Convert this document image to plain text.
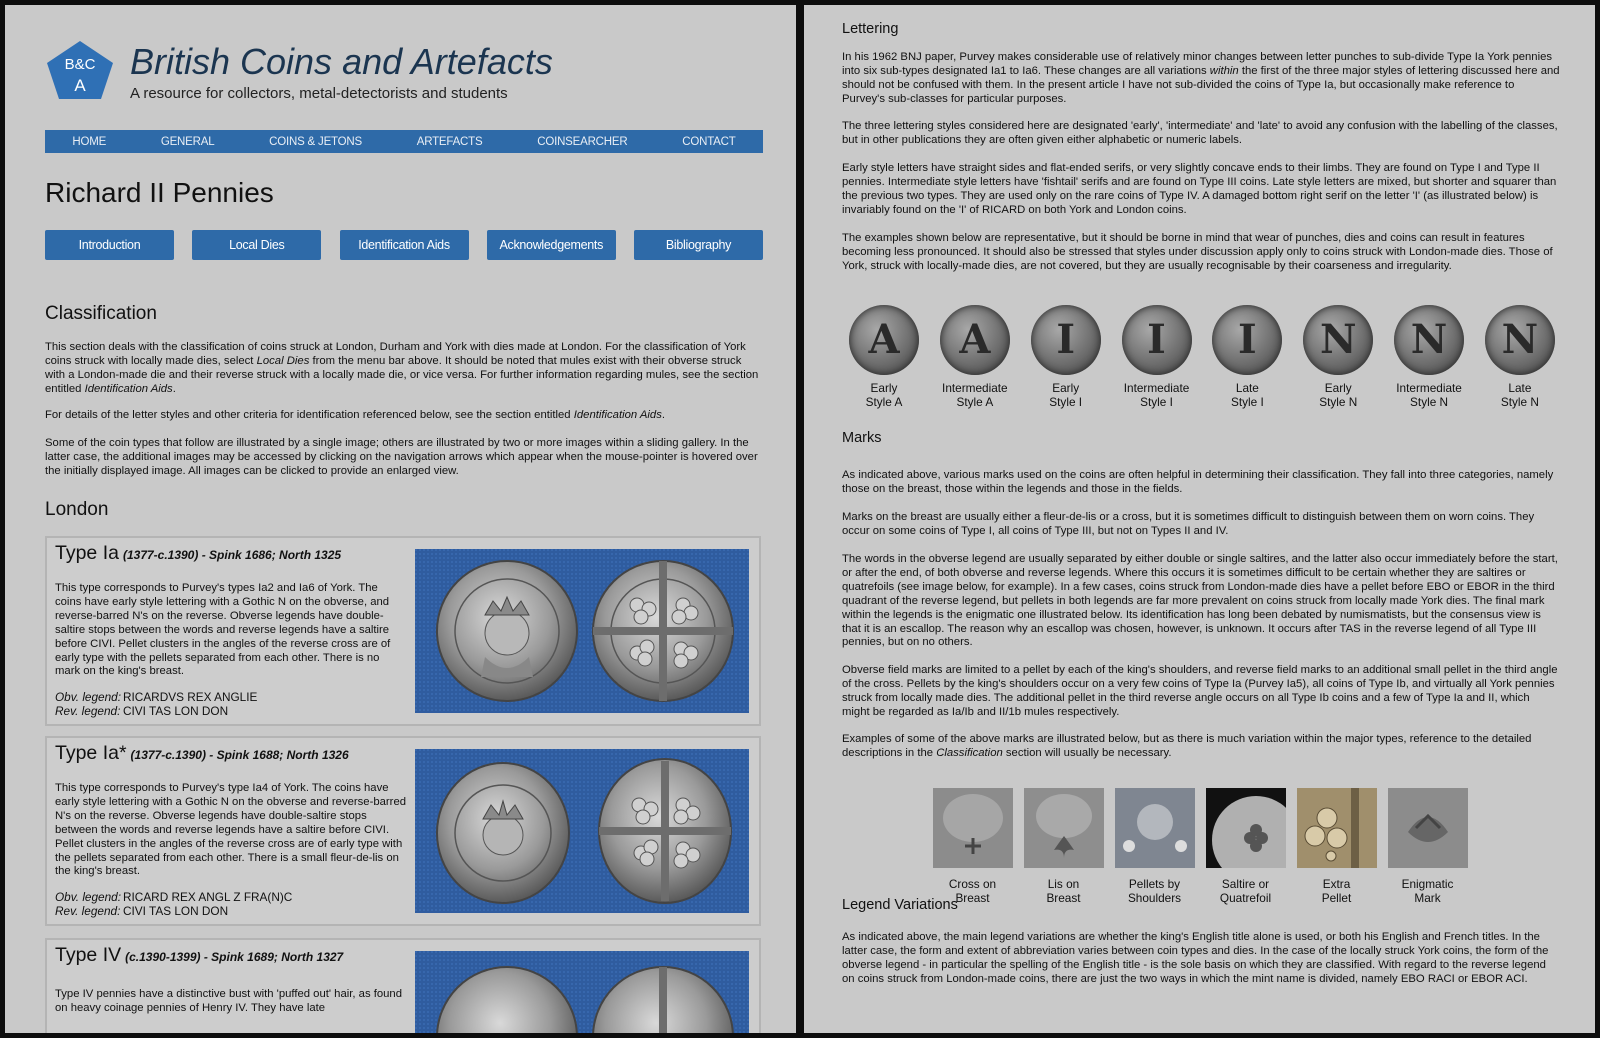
B&C
A
British Coins and Artefacts
A resource for collectors, metal-detectorists and students
HOME	GENERAL	COINS & JETONS	ARTEFACTS	COINSEARCHER	CONTACT
Richard II Pennies
Introduction	Local Dies	Identification Aids	Acknowledgements	Bibliography
Classification

This section deals with the classification of coins struck at London, Durham and York with dies made at London. For the classification of York coins struck with locally made dies, select Local Dies from the menu bar above. It should be noted that mules exist with their obverse struck with a London-made die and their reverse struck with a locally made die, or vice versa. For further information regarding mules, see the section entitled Identification Aids.

For details of the letter styles and other criteria for identification referenced below, see the section entitled Identification Aids.

Some of the coin types that follow are illustrated by a single image; others are illustrated by two or more images within a sliding gallery. In the latter case, the additional images may be accessed by clicking on the navigation arrows which appear when the mouse-pointer is hovered over the initially displayed image. All images can be clicked to provide an enlarged view.

London
Type Ia (1377-c.1390) - Spink 1686; North 1325

This type corresponds to Purvey's types Ia2 and Ia6 of York. The coins have early style lettering with a Gothic N on the obverse, and reverse-barred N's on the reverse. Obverse legends have double-saltire stops between the words and reverse legends have a saltire before CIVI. Pellet clusters in the angles of the reverse cross are of early type with the pellets separated from each other. There is no mark on the king's breast.

Obv. legend: RICARDVS REX ANGLIE
Rev. legend: CIVI TAS LON DON
Type Ia* (1377-c.1390) - Spink 1688; North 1326

This type corresponds to Purvey's type Ia4 of York. The coins have early style lettering with a Gothic N on the obverse and reverse-barred N's on the reverse. Obverse legends have double-saltire stops between the words and reverse legends have a saltire before CIVI. Pellet clusters in the angles of the reverse cross are of early type with the pellets separated from each other. There is a small fleur-de-lis on the king's breast.

Obv. legend: RICARD REX ANGL Z FRA(N)C
Rev. legend: CIVI TAS LON DON
Type IV (c.1390-1399) - Spink 1689; North 1327

Type IV pennies have a distinctive bust with 'puffed out' hair, as found on heavy coinage pennies of Henry IV. They have late

Lettering

In his 1962 BNJ paper, Purvey makes considerable use of relatively minor changes between letter punches to sub-divide Type Ia York pennies into six sub-types designated Ia1 to Ia6. These changes are all variations within the first of the three major styles of lettering discussed here and should not be confused with them. In the present article I have not sub-divided the coins of Type Ia, but occasionally make reference to Purvey's sub-classes for particular purposes.

The three lettering styles considered here are designated 'early', 'intermediate' and 'late' to avoid any confusion with the labelling of the classes, but in other publications they are often given either alphabetic or numeric labels.

Early style letters have straight sides and flat-ended serifs, or very slightly concave ends to their limbs. They are found on Type I and Type II pennies. Intermediate style letters have 'fishtail' serifs and are found on Type III coins. Late style letters are mixed, but shorter and squarer than the previous two types. They are used only on the rare coins of Type IV. A damaged bottom right serif on the letter 'I' (as illustrated below) is invariably found on the 'I' of RICARD on both York and London coins.

The examples shown below are representative, but it should be borne in mind that wear of punches, dies and coins can result in features becoming less pronounced. It should also be stressed that styles under discussion apply only to coins struck with London-made dies. Those of York, struck with locally-made dies, are not covered, but they are usually recognisable by their coarseness and irregularity.

A
Early
Style A
A
Intermediate
Style A
I
Early
Style I
I
Intermediate
Style I
I
Late
Style I
N
Early
Style N
N
Intermediate
Style N
N
Late
Style N
Marks

As indicated above, various marks used on the coins are often helpful in determining their classification. They fall into three categories, namely those on the breast, those within the legends and those in the fields.

Marks on the breast are usually either a fleur-de-lis or a cross, but it is sometimes difficult to distinguish between them on worn coins. They occur on some coins of Type I, all coins of Type III, but not on Types II and IV.

The words in the obverse legend are usually separated by either double or single saltires, and the latter also occur immediately before the start, or after the end, of both obverse and reverse legends. Where this occurs it is sometimes difficult to be certain whether they are saltires or quatrefoils (see image below, for example). In a few cases, coins struck from London-made dies have a pellet before EBO or EBOR in the third quadrant of the reverse legend, but pellets in both legends are far more prevalent on coins struck from locally made York dies. The final mark within the legends is the enigmatic one illustrated below. Its identification has long been debated by numismatists, but the consensus view is that it is an escallop. The reason why an escallop was chosen, however, is unknown. It occurs after TAS in the reverse legend of all Type III pennies, but on no others.

Obverse field marks are limited to a pellet by each of the king's shoulders, and reverse field marks to an additional small pellet in the third angle of the cross. Pellets by the king's shoulders occur on a very few coins of Type Ia (Purvey Ia5), all coins of Type Ib, and virtually all York pennies struck from locally made dies. The additional pellet in the third reverse angle occurs on all Type Ib coins and a few of Type Ia and II, which might be regarded as Ia/Ib and II/1b mules respectively.

Examples of some of the above marks are illustrated below, but as there is much variation within the major types, reference to the detailed descriptions in the Classification section will usually be necessary.

Cross on
Breast
Lis on
Breast
Pellets by
Shoulders
Saltire or
Quatrefoil
Extra
Pellet
Enigmatic
Mark
Legend Variations

As indicated above, the main legend variations are whether the king's English title alone is used, or both his English and French titles. In the latter case, the form and extent of abbreviation varies between coin types and dies. In the case of the locally struck York coins, the form of the obverse legend - in particular the spelling of the English title - is the sole basis on which they are classified. With regard to the reverse legend on coins struck from London-made coins, there are just the two ways in which the mint name is divided, namely EBO RACI or EBOR ACI.
